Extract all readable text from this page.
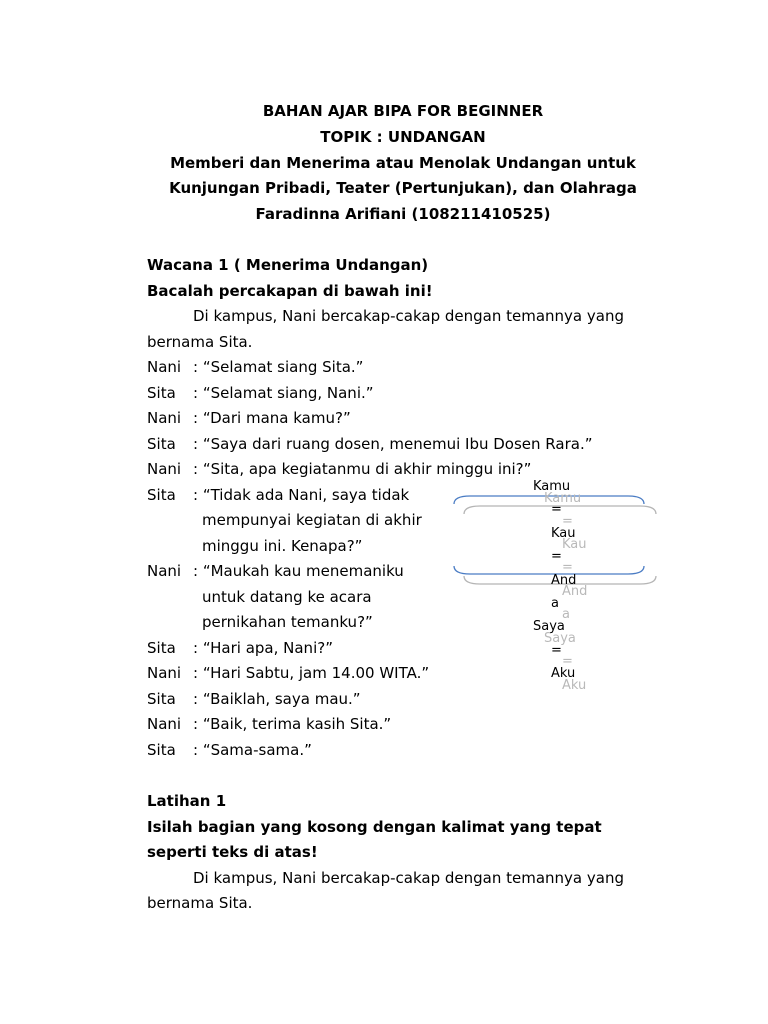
BAHAN AJAR BIPA FOR BEGINNER
TOPIK : UNDANGAN
Memberi dan Menerima atau Menolak Undangan untuk
Kunjungan Pribadi, Teater (Pertunjukan), dan Olahraga
Faradinna Arifiani (108211410525)
Wacana 1 ( Menerima Undangan)
Bacalah percakapan di bawah ini!
Di kampus, Nani bercakap-cakap dengan temannya yang
bernama Sita.
Nani : “Selamat siang Sita.”
Sita : “Selamat siang, Nani.”
Nani : “Dari mana kamu?”
Sita : “Saya dari ruang dosen, menemui Ibu Dosen Rara.”
Nani : “Sita, apa kegiatanmu di akhir minggu ini?”
Sita : “Tidak ada Nani, saya tidak
mempunyai kegiatan di akhir
minggu ini. Kenapa?”
Nani : “Maukah kau menemaniku
untuk datang ke acara
pernikahan temanku?”
Sita : “Hari apa, Nani?”
Nani : “Hari Sabtu, jam 14.00 WITA.”
Sita : “Baiklah, saya mau.”
Nani : “Baik, terima kasih Sita.”
Sita : “Sama-sama.”
Kamu
=
Kau
=
And
a
Saya
=
Aku
Kamu
=
Kau
=
And
a
Saya
=
Aku
Latihan 1
Isilah bagian yang kosong dengan kalimat yang tepat
seperti teks di atas!
Di kampus, Nani bercakap-cakap dengan temannya yang
bernama Sita.
